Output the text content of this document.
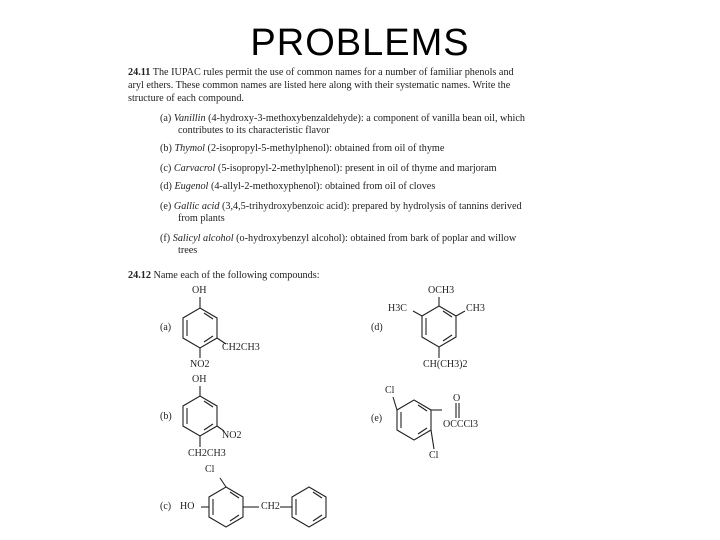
PROBLEMS
24.11 The IUPAC rules permit the use of common names for a number of familiar phenols and
aryl ethers. These common names are listed here along with their systematic names. Write the
structure of each compound.
(a) Vanillin (4-hydroxy-3-methoxybenzaldehyde): a component of vanilla bean oil, which
contributes to its characteristic flavor
(b) Thymol (2-isopropyl-5-methylphenol): obtained from oil of thyme
(c) Carvacrol (5-isopropyl-2-methylphenol): present in oil of thyme and marjoram
(d) Eugenol (4-allyl-2-methoxyphenol): obtained from oil of cloves
(e) Gallic acid (3,4,5-trihydroxybenzoic acid): prepared by hydrolysis of tannins derived
from plants
(f) Salicyl alcohol (o-hydroxybenzyl alcohol): obtained from bark of poplar and willow
trees
24.12 Name each of the following compounds:
(a)
OH
CH2CH3
NO2
(b)
OH
NO2
CH2CH3
(c)
Cl
HO	CH2
(d)
OCH3
H3C	CH3
CH(CH3)2
(e)
Cl
O
OCCCl3
Cl
